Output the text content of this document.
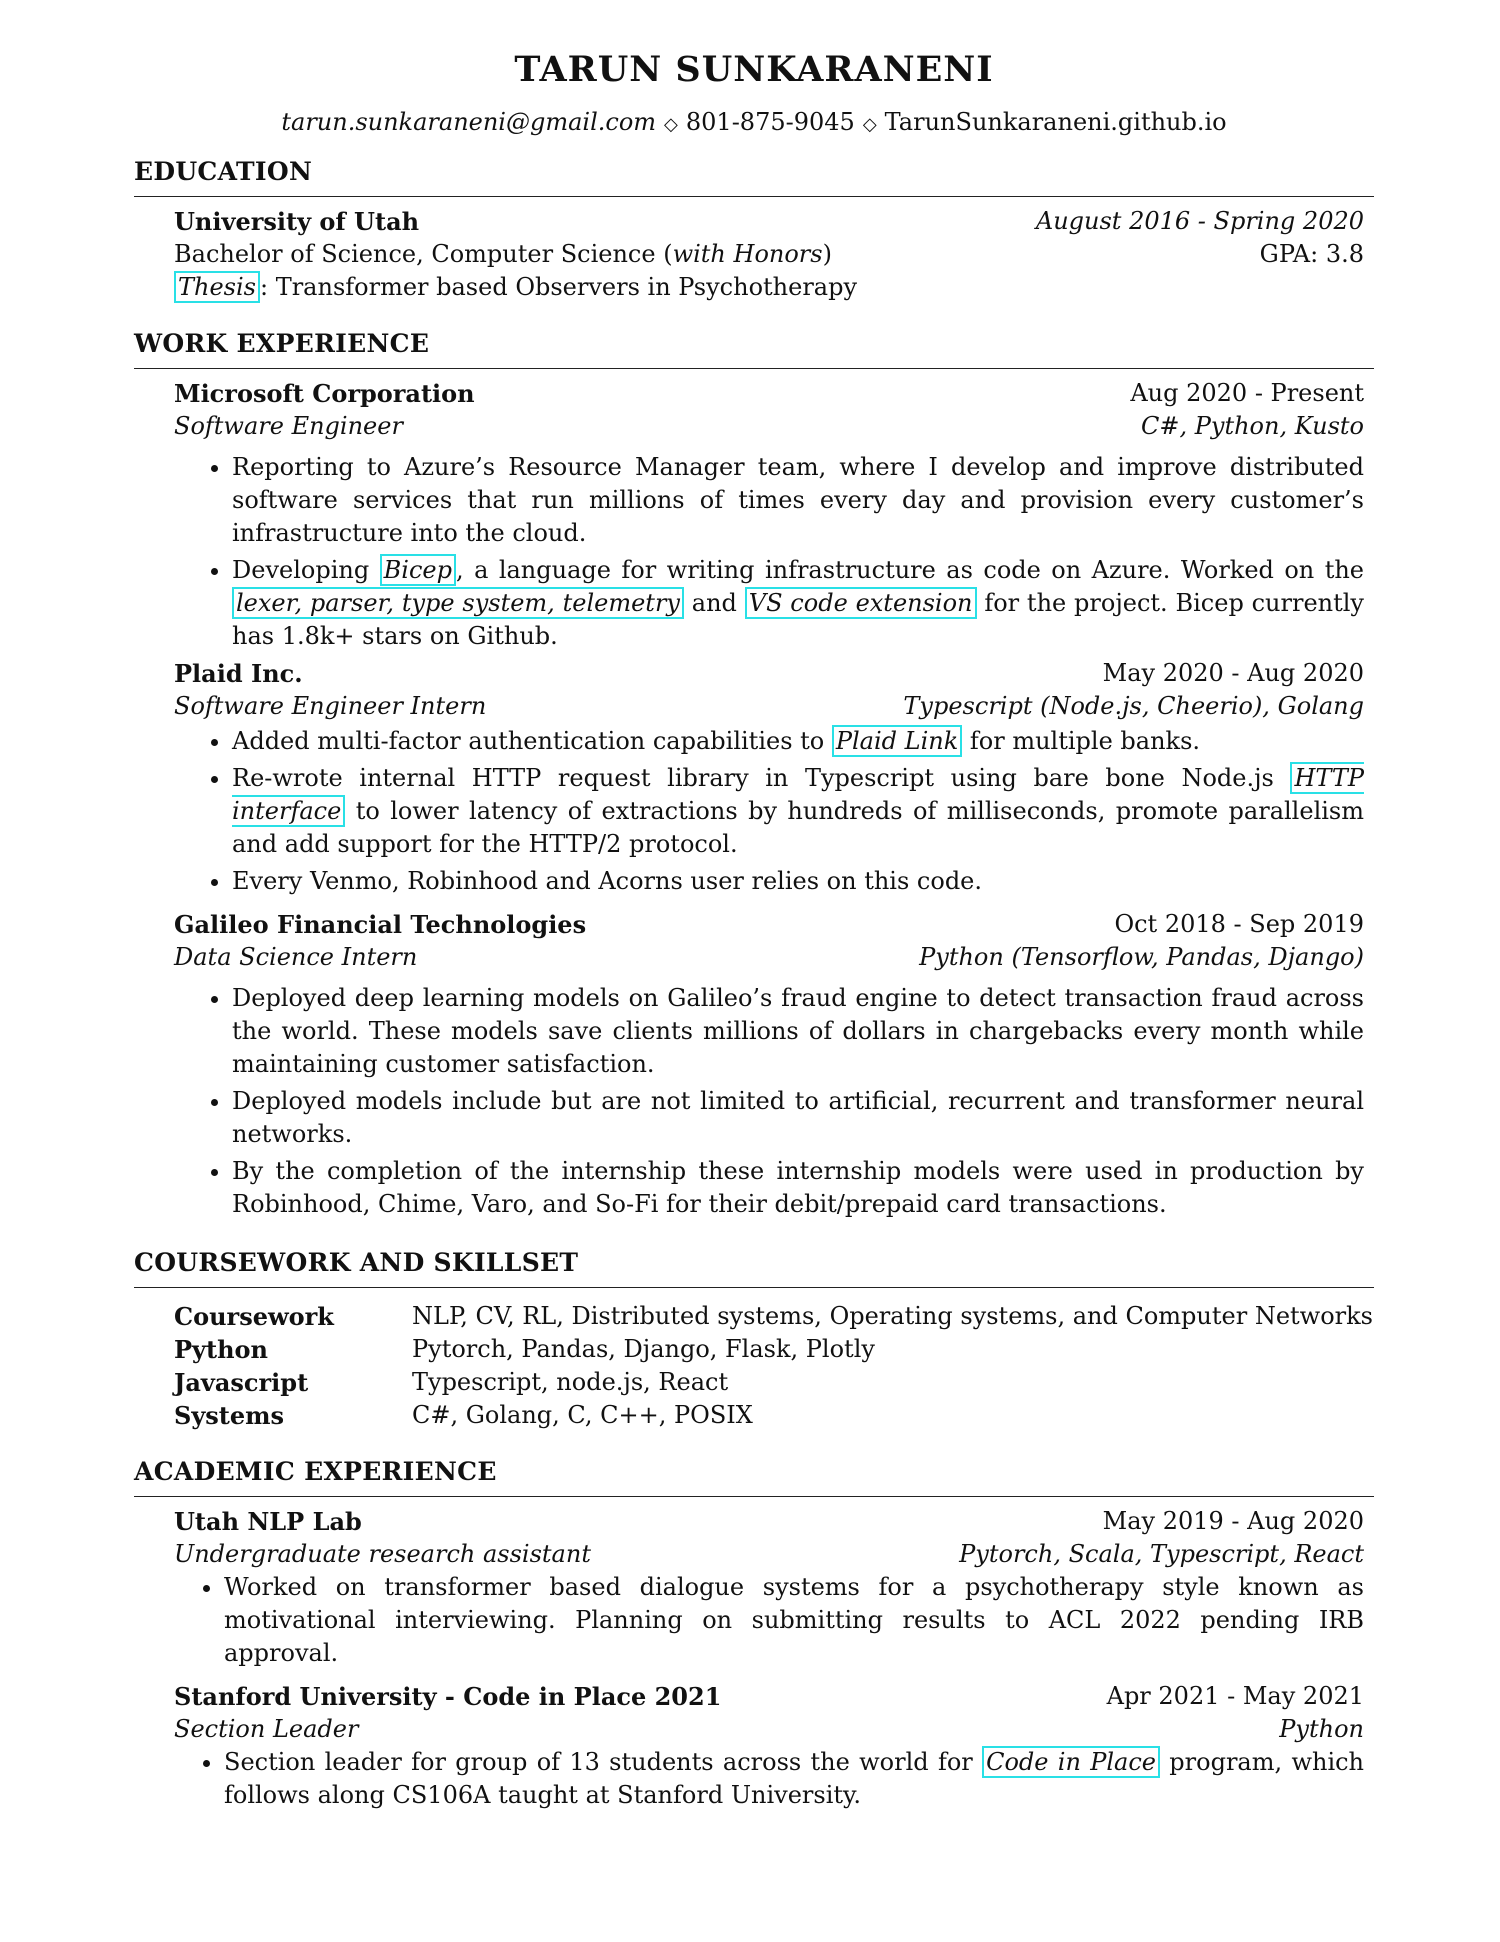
TARUN SUNKARANENI
tarun.sunkaraneni@gmail.com ◇ 801-875-9045 ◇ TarunSunkaraneni.github.io
EDUCATION
University of Utah	August 2016 - Spring 2020
Bachelor of Science, Computer Science (with Honors)	GPA: 3.8
Thesis : Transformer based Observers in Psychotherapy
WORK EXPERIENCE
Microsoft Corporation	Aug 2020 - Present
Software Engineer	C#, Python, Kusto
• Reporting to Azure’s Resource Manager team, where I develop and improve distributed software services that run millions of times every day and provision every customer’s infrastructure into the cloud.
• Developing Bicep , a language for writing infrastructure as code on Azure. Worked on the lexer, parser, type system, telemetry and VS code extension for the project. Bicep currently has 1.8k+ stars on Github.
Plaid Inc.	May 2020 - Aug 2020
Software Engineer Intern	Typescript (Node.js, Cheerio), Golang
• Added multi-factor authentication capabilities to Plaid Link for multiple banks.
• Re-wrote internal HTTP request library in Typescript using bare bone Node.js HTTP interface to lower latency of extractions by hundreds of milliseconds, promote parallelism and add support for the HTTP/2 protocol.
• Every Venmo, Robinhood and Acorns user relies on this code.
Galileo Financial Technologies	Oct 2018 - Sep 2019
Data Science Intern	Python (Tensorflow, Pandas, Django)
• Deployed deep learning models on Galileo’s fraud engine to detect transaction fraud across the world. These models save clients millions of dollars in chargebacks every month while maintaining customer satisfaction.
• Deployed models include but are not limited to artificial, recurrent and transformer neural networks.
• By the completion of the internship these internship models were used in production by Robinhood, Chime, Varo, and So-Fi for their debit/prepaid card transactions.
COURSEWORK AND SKILLSET
Coursework	NLP, CV, RL, Distributed systems, Operating systems, and Computer Networks
Python	Pytorch, Pandas, Django, Flask, Plotly
Javascript	Typescript, node.js, React
Systems	C#, Golang, C, C++, POSIX
ACADEMIC EXPERIENCE
Utah NLP Lab	May 2019 - Aug 2020
Undergraduate research assistant	Pytorch, Scala, Typescript, React
• Worked on transformer based dialogue systems for a psychotherapy style known as motivational interviewing. Planning on submitting results to ACL 2022 pending IRB approval.
Stanford University - Code in Place 2021	Apr 2021 - May 2021
Section Leader	Python
• Section leader for group of 13 students across the world for Code in Place program, which follows along CS106A taught at Stanford University.
